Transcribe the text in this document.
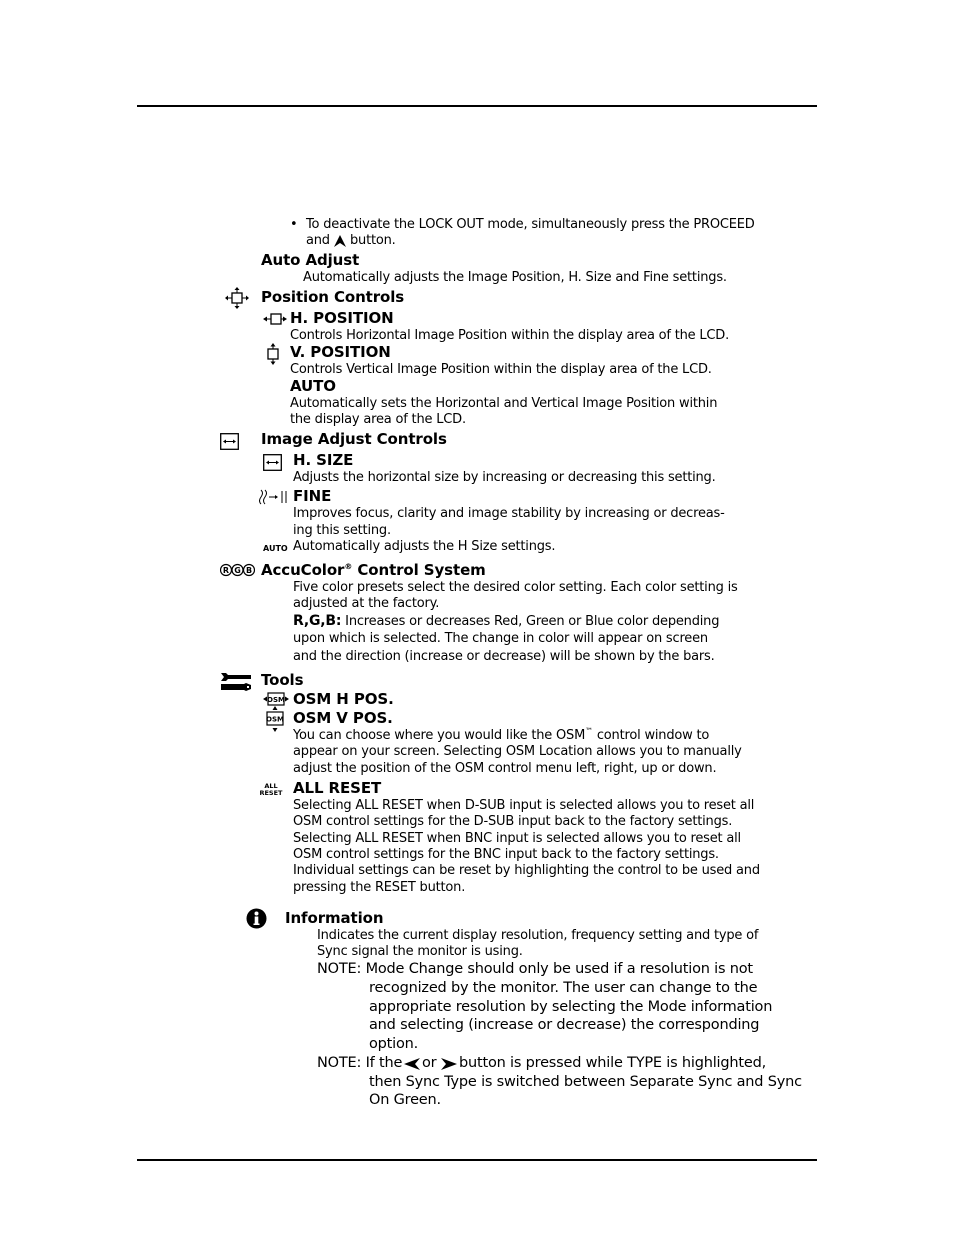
• To deactivate the LOCK OUT mode, simultaneously press the PROCEED
and button.
Auto Adjust
Automatically adjusts the Image Position, H. Size and Fine settings.
Position Controls
H. POSITION
Controls Horizontal Image Position within the display area of the LCD.
V. POSITION
Controls Vertical Image Position within the display area of the LCD.
AUTO
Automatically sets the Horizontal and Vertical Image Position within
the display area of the LCD.
Image Adjust Controls
H. SIZE
Adjusts the horizontal size by increasing or decreasing this setting.
FINE
Improves focus, clarity and image stability by increasing or decreas-
ing this setting.
AUTO Automatically adjusts the H Size settings.
R G B AccuColor® Control System
Five color presets select the desired color setting. Each color setting is
adjusted at the factory.
R,G,B: Increases or decreases Red, Green or Blue color depending
upon which is selected. The change in color will appear on screen
and the direction (increase or decrease) will be shown by the bars.
Tools
OSM OSM H POS.
OSM OSM V POS.
You can choose where you would like the OSM™ control window to
appear on your screen. Selecting OSM Location allows you to manually
adjust the position of the OSM control menu left, right, up or down.
ALL
RESET ALL RESET
Selecting ALL RESET when D-SUB input is selected allows you to reset all
OSM control settings for the D-SUB input back to the factory settings.
Selecting ALL RESET when BNC input is selected allows you to reset all
OSM control settings for the BNC input back to the factory settings.
Individual settings can be reset by highlighting the control to be used and
pressing the RESET button.
Information
Indicates the current display resolution, frequency setting and type of
Sync signal the monitor is using.
NOTE: Mode Change should only be used if a resolution is not
recognized by the monitor. The user can change to the
appropriate resolution by selecting the Mode information
and selecting (increase or decrease) the corresponding
option.
NOTE: If the or button is pressed while TYPE is highlighted,
then Sync Type is switched between Separate Sync and Sync
On Green.
